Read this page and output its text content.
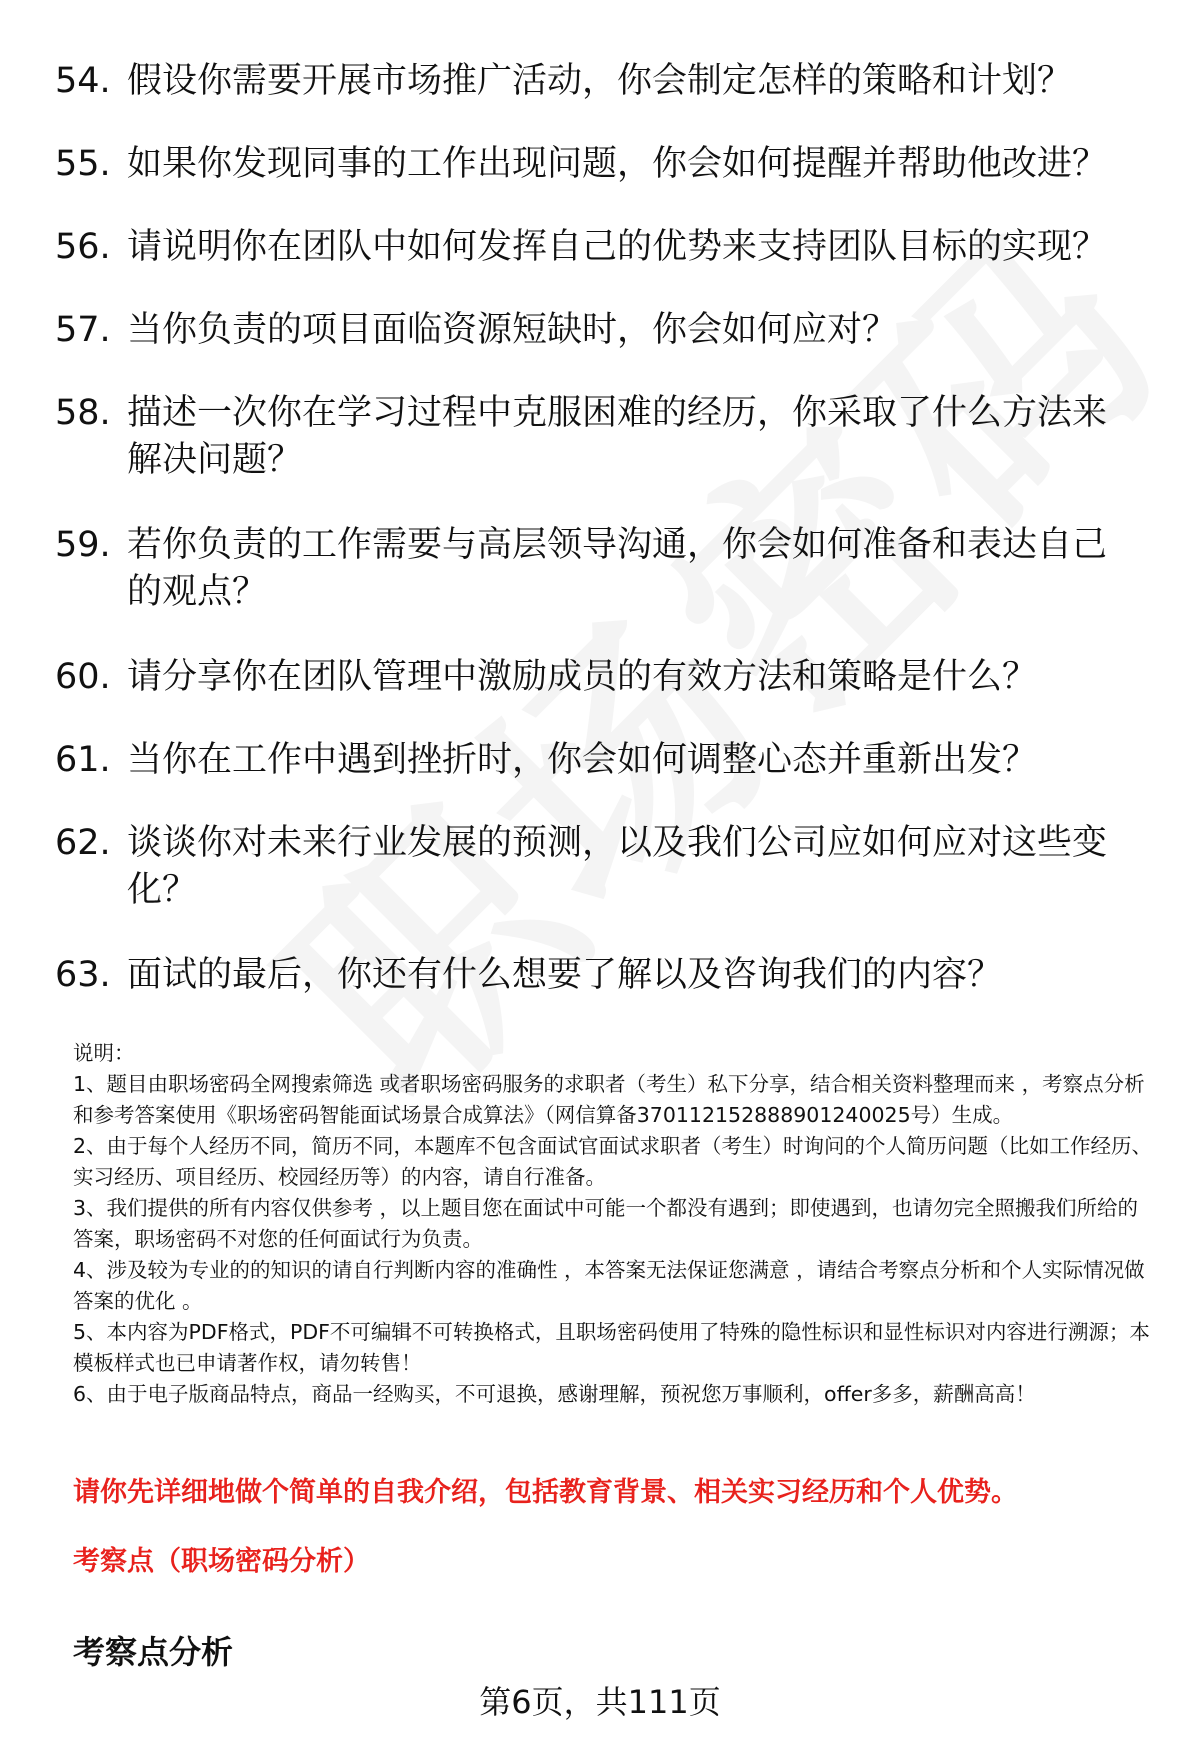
54. 假设你需要开展市场推广活动，你会制定怎样的策略和计划？
55. 如果你发现同事的工作出现问题，你会如何提醒并帮助他改进？
56. 请说明你在团队中如何发挥自己的优势来支持团队目标的实现？
57. 当你负责的项目面临资源短缺时，你会如何应对？
58. 描述一次你在学习过程中克服困难的经历，你采取了什么方法来解决问题？
59. 若你负责的工作需要与高层领导沟通，你会如何准备和表达自己的观点？
60. 请分享你在团队管理中激励成员的有效方法和策略是什么？
61. 当你在工作中遇到挫折时，你会如何调整心态并重新出发？
62. 谈谈你对未来行业发展的预测，以及我们公司应如何应对这些变化？
63. 面试的最后，你还有什么想要了解以及咨询我们的内容？

说明：

1、题目由职场密码全网搜索筛选 或者职场密码服务的求职者（考生）私下分享，结合相关资料整理而来 ，考察点分析和参考答案使用《职场密码智能面试场景合成算法》（网信算备370112152888901240025号）生成。

2、由于每个人经历不同，简历不同，本题库不包含面试官面试求职者（考生）时询问的个人简历问题（比如工作经历、实习经历、项目经历、校园经历等）的内容，请自行准备。

3、我们提供的所有内容仅供参考 ，以上题目您在面试中可能一个都没有遇到；即使遇到，也请勿完全照搬我们所给的答案，职场密码不对您的任何面试行为负责。

4、涉及较为专业的的知识的请自行判断内容的准确性 ，本答案无法保证您满意 ，请结合考察点分析和个人实际情况做答案的优化 。

5、本内容为PDF格式，PDF不可编辑不可转换格式，且职场密码使用了特殊的隐性标识和显性标识对内容进行溯源；本模板样式也已申请著作权，请勿转售！

6、由于电子版商品特点，商品一经购买，不可退换，感谢理解，预祝您万事顺利，offer多多，薪酬高高！

请你先详细地做个简单的自我介绍，包括教育背景、相关实习经历和个人优势。
考察点（职场密码分析）
考察点分析
第6页，共111页
